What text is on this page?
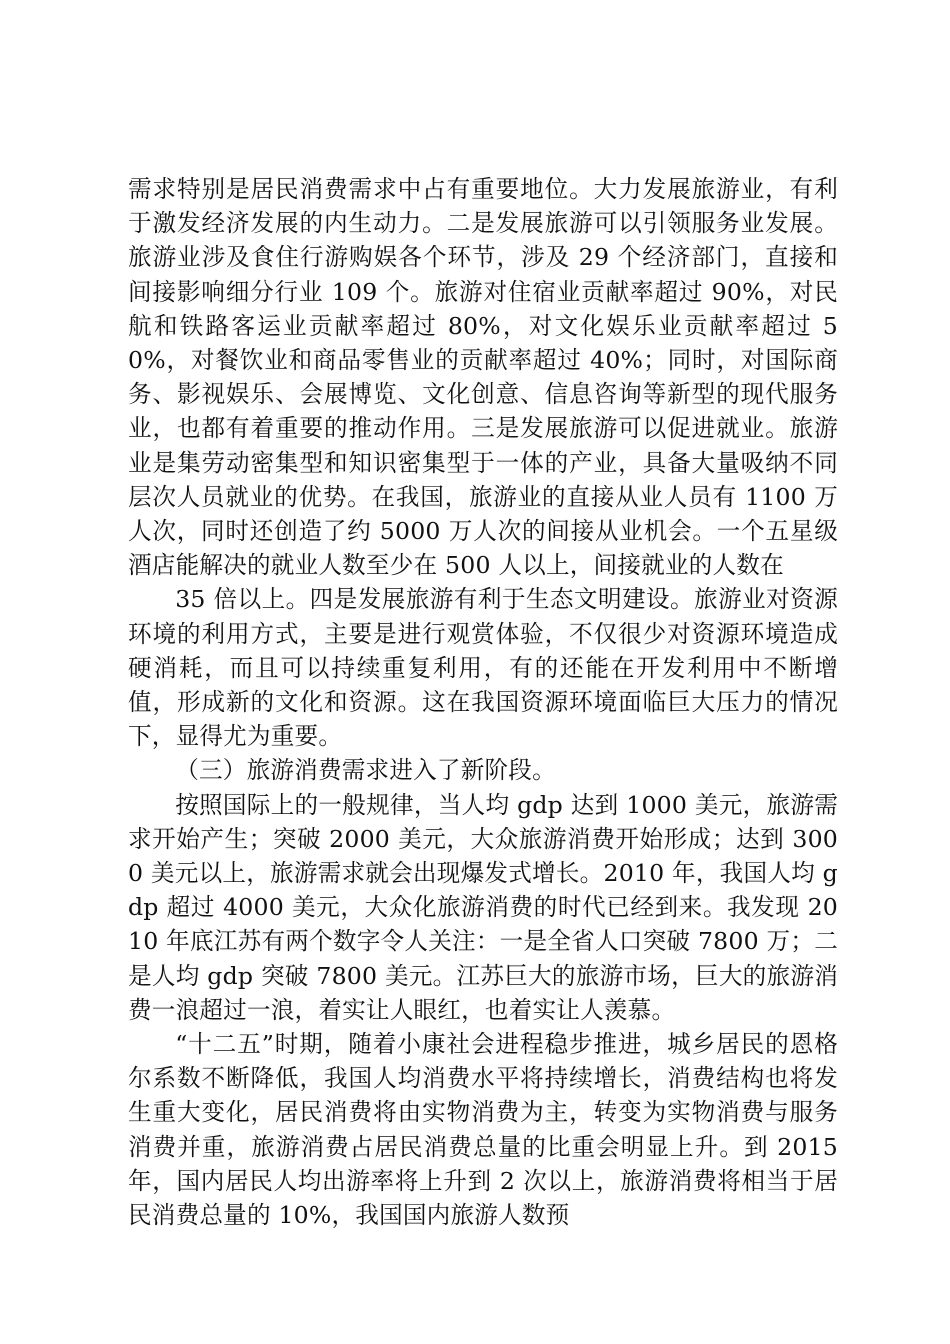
需求特别是居民消费需求中占有重要地位。大力发展旅游业，有利于激发经济发展的内生动力。二是发展旅游可以引领服务业发展。旅游业涉及食住行游购娱各个环节，涉及 29 个经济部门，直接和间接影响细分行业 109 个。旅游对住宿业贡献率超过 90%，对民航和铁路客运业贡献率超过 80%，对文化娱乐业贡献率超过 50%，对餐饮业和商品零售业的贡献率超过 40%；同时，对国际商务、影视娱乐、会展博览、文化创意、信息咨询等新型的现代服务业，也都有着重要的推动作用。三是发展旅游可以促进就业。旅游业是集劳动密集型和知识密集型于一体的产业，具备大量吸纳不同层次人员就业的优势。在我国，旅游业的直接从业人员有 1100 万人次，同时还创造了约 5000 万人次的间接从业机会。一个五星级酒店能解决的就业人数至少在 500 人以上，间接就业的人数在

35 倍以上。四是发展旅游有利于生态文明建设。旅游业对资源环境的利用方式，主要是进行观赏体验，不仅很少对资源环境造成硬消耗，而且可以持续重复利用，有的还能在开发利用中不断增值，形成新的文化和资源。这在我国资源环境面临巨大压力的情况下，显得尤为重要。

（三）旅游消费需求进入了新阶段。

按照国际上的一般规律，当人均 gdp 达到 1000 美元，旅游需求开始产生；突破 2000 美元，大众旅游消费开始形成；达到 3000 美元以上，旅游需求就会出现爆发式增长。2010 年，我国人均 gdp 超过 4000 美元，大众化旅游消费的时代已经到来。我发现 2010 年底江苏有两个数字令人关注：一是全省人口突破 7800 万；二是人均 gdp 突破 7800 美元。江苏巨大的旅游市场，巨大的旅游消费一浪超过一浪，着实让人眼红，也着实让人羡慕。

“十二五”时期，随着小康社会进程稳步推进，城乡居民的恩格尔系数不断降低，我国人均消费水平将持续增长，消费结构也将发生重大变化，居民消费将由实物消费为主，转变为实物消费与服务消费并重，旅游消费占居民消费总量的比重会明显上升。到 2015 年，国内居民人均出游率将上升到 2 次以上，旅游消费将相当于居民消费总量的 10%，我国国内旅游人数预
